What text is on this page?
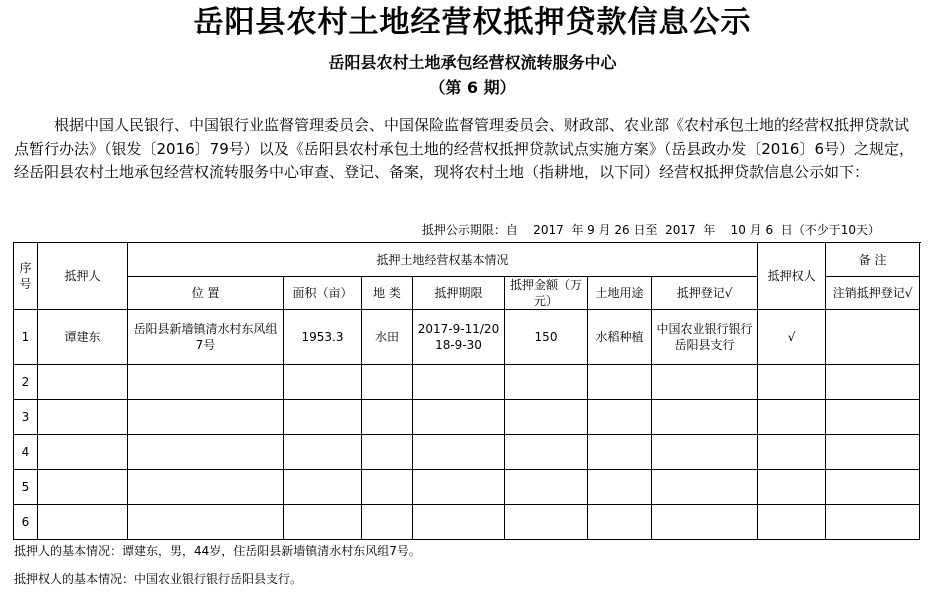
岳阳县农村土地经营权抵押贷款信息公示
岳阳县农村土地承包经营权流转服务中心
（第 6 期）
根据中国人民银行、中国银行业监督管理委员会、中国保险监督管理委员会、财政部、农业部《农村承包土地的经营权抵押贷款试点暂行办法》（银发〔2016〕79号）以及《岳阳县农村承包土地的经营权抵押贷款试点实施方案》（岳县政办发〔2016〕6号）之规定，经岳阳县农村土地承包经营权流转服务中心审查、登记、备案，现将农村土地（指耕地，以下同）经营权抵押贷款信息公示如下：
抵押公示期限：自    2017  年 9 月 26 日至  2017  年    10 月 6  日（不少于10天）
序号	抵押人	抵押土地经营权基本情况							抵押权人	备 注
		位 置	面积（亩）	地 类	抵押期限	抵押金额（万元）	土地用途	抵押登记√		注销抵押登记√
1	谭建东	岳阳县新墙镇清水村东风组7号	1953.3	水田	2017-9-11/2018-9-30	150	水稻种植	中国农业银行银行岳阳县支行	√	
2										
3										
4										
5										
6										
抵押人的基本情况：谭建东，男，44岁，住岳阳县新墙镇清水村东风组7号。
抵押权人的基本情况：中国农业银行银行岳阳县支行。
